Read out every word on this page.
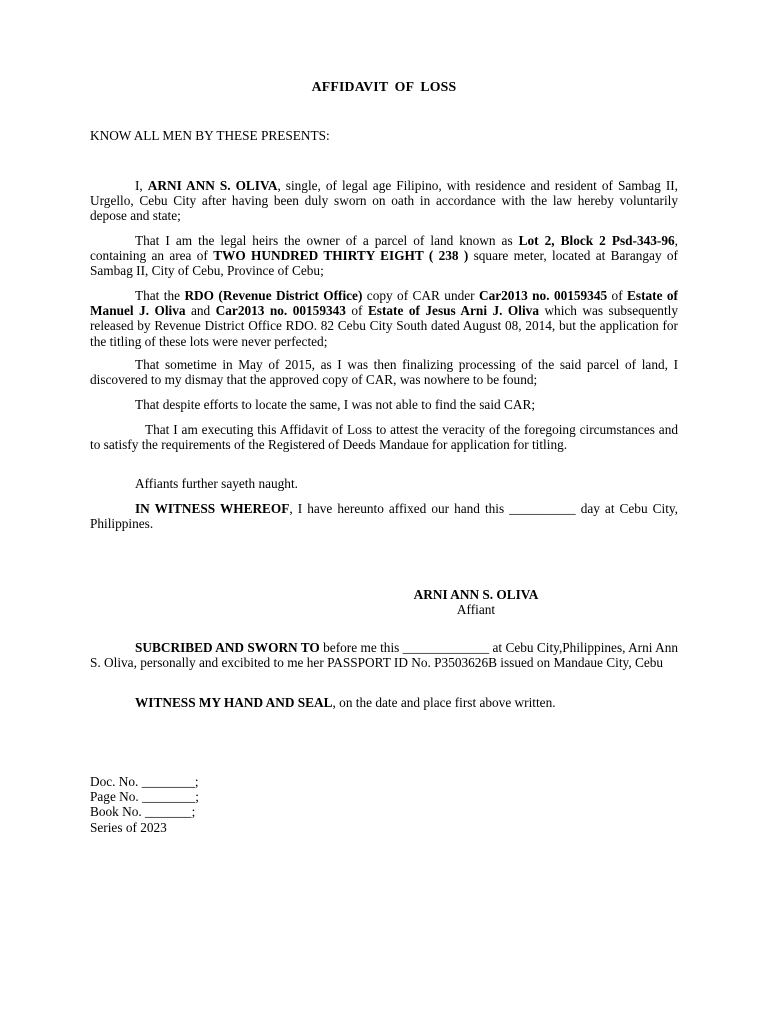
AFFIDAVIT OF LOSS
KNOW ALL MEN BY THESE PRESENTS:

I, ARNI ANN S. OLIVA, single, of legal age Filipino, with residence and resident of Sambag II, Urgello, Cebu City after having been duly sworn on oath in accordance with the law hereby voluntarily depose and state;

That I am the legal heirs the owner of a parcel of land known as Lot 2, Block 2 Psd-343-96, containing an area of TWO HUNDRED THIRTY EIGHT ( 238 ) square meter, located at Barangay of Sambag II, City of Cebu, Province of Cebu;

That the RDO (Revenue District Office) copy of CAR under Car2013 no. 00159345 of Estate of Manuel J. Oliva and Car2013 no. 00159343 of Estate of Jesus Arni J. Oliva which was subsequently released by Revenue District Office RDO. 82 Cebu City South dated August 08, 2014, but the application for the titling of these lots were never perfected;

That sometime in May of 2015, as I was then finalizing processing of the said parcel of land, I discovered to my dismay that the approved copy of CAR, was nowhere to be found;

That despite efforts to locate the same, I was not able to find the said CAR;

That I am executing this Affidavit of Loss to attest the veracity of the foregoing circumstances and to satisfy the requirements of the Registered of Deeds Mandaue for application for titling.

Affiants further sayeth naught.

IN WITNESS WHEREOF, I have hereunto affixed our hand this __________ day at Cebu City, Philippines.

ARNI ANN S. OLIVA
Affiant

SUBCRIBED AND SWORN TO before me this _____________ at Cebu City,Philippines, Arni Ann S. Oliva, personally and excibited to me her PASSPORT ID No. P3503626B issued on Mandaue City, Cebu

WITNESS MY HAND AND SEAL, on the date and place first above written.

Doc. No. ________;
Page No. ________;
Book No. _______;
Series of 2023
